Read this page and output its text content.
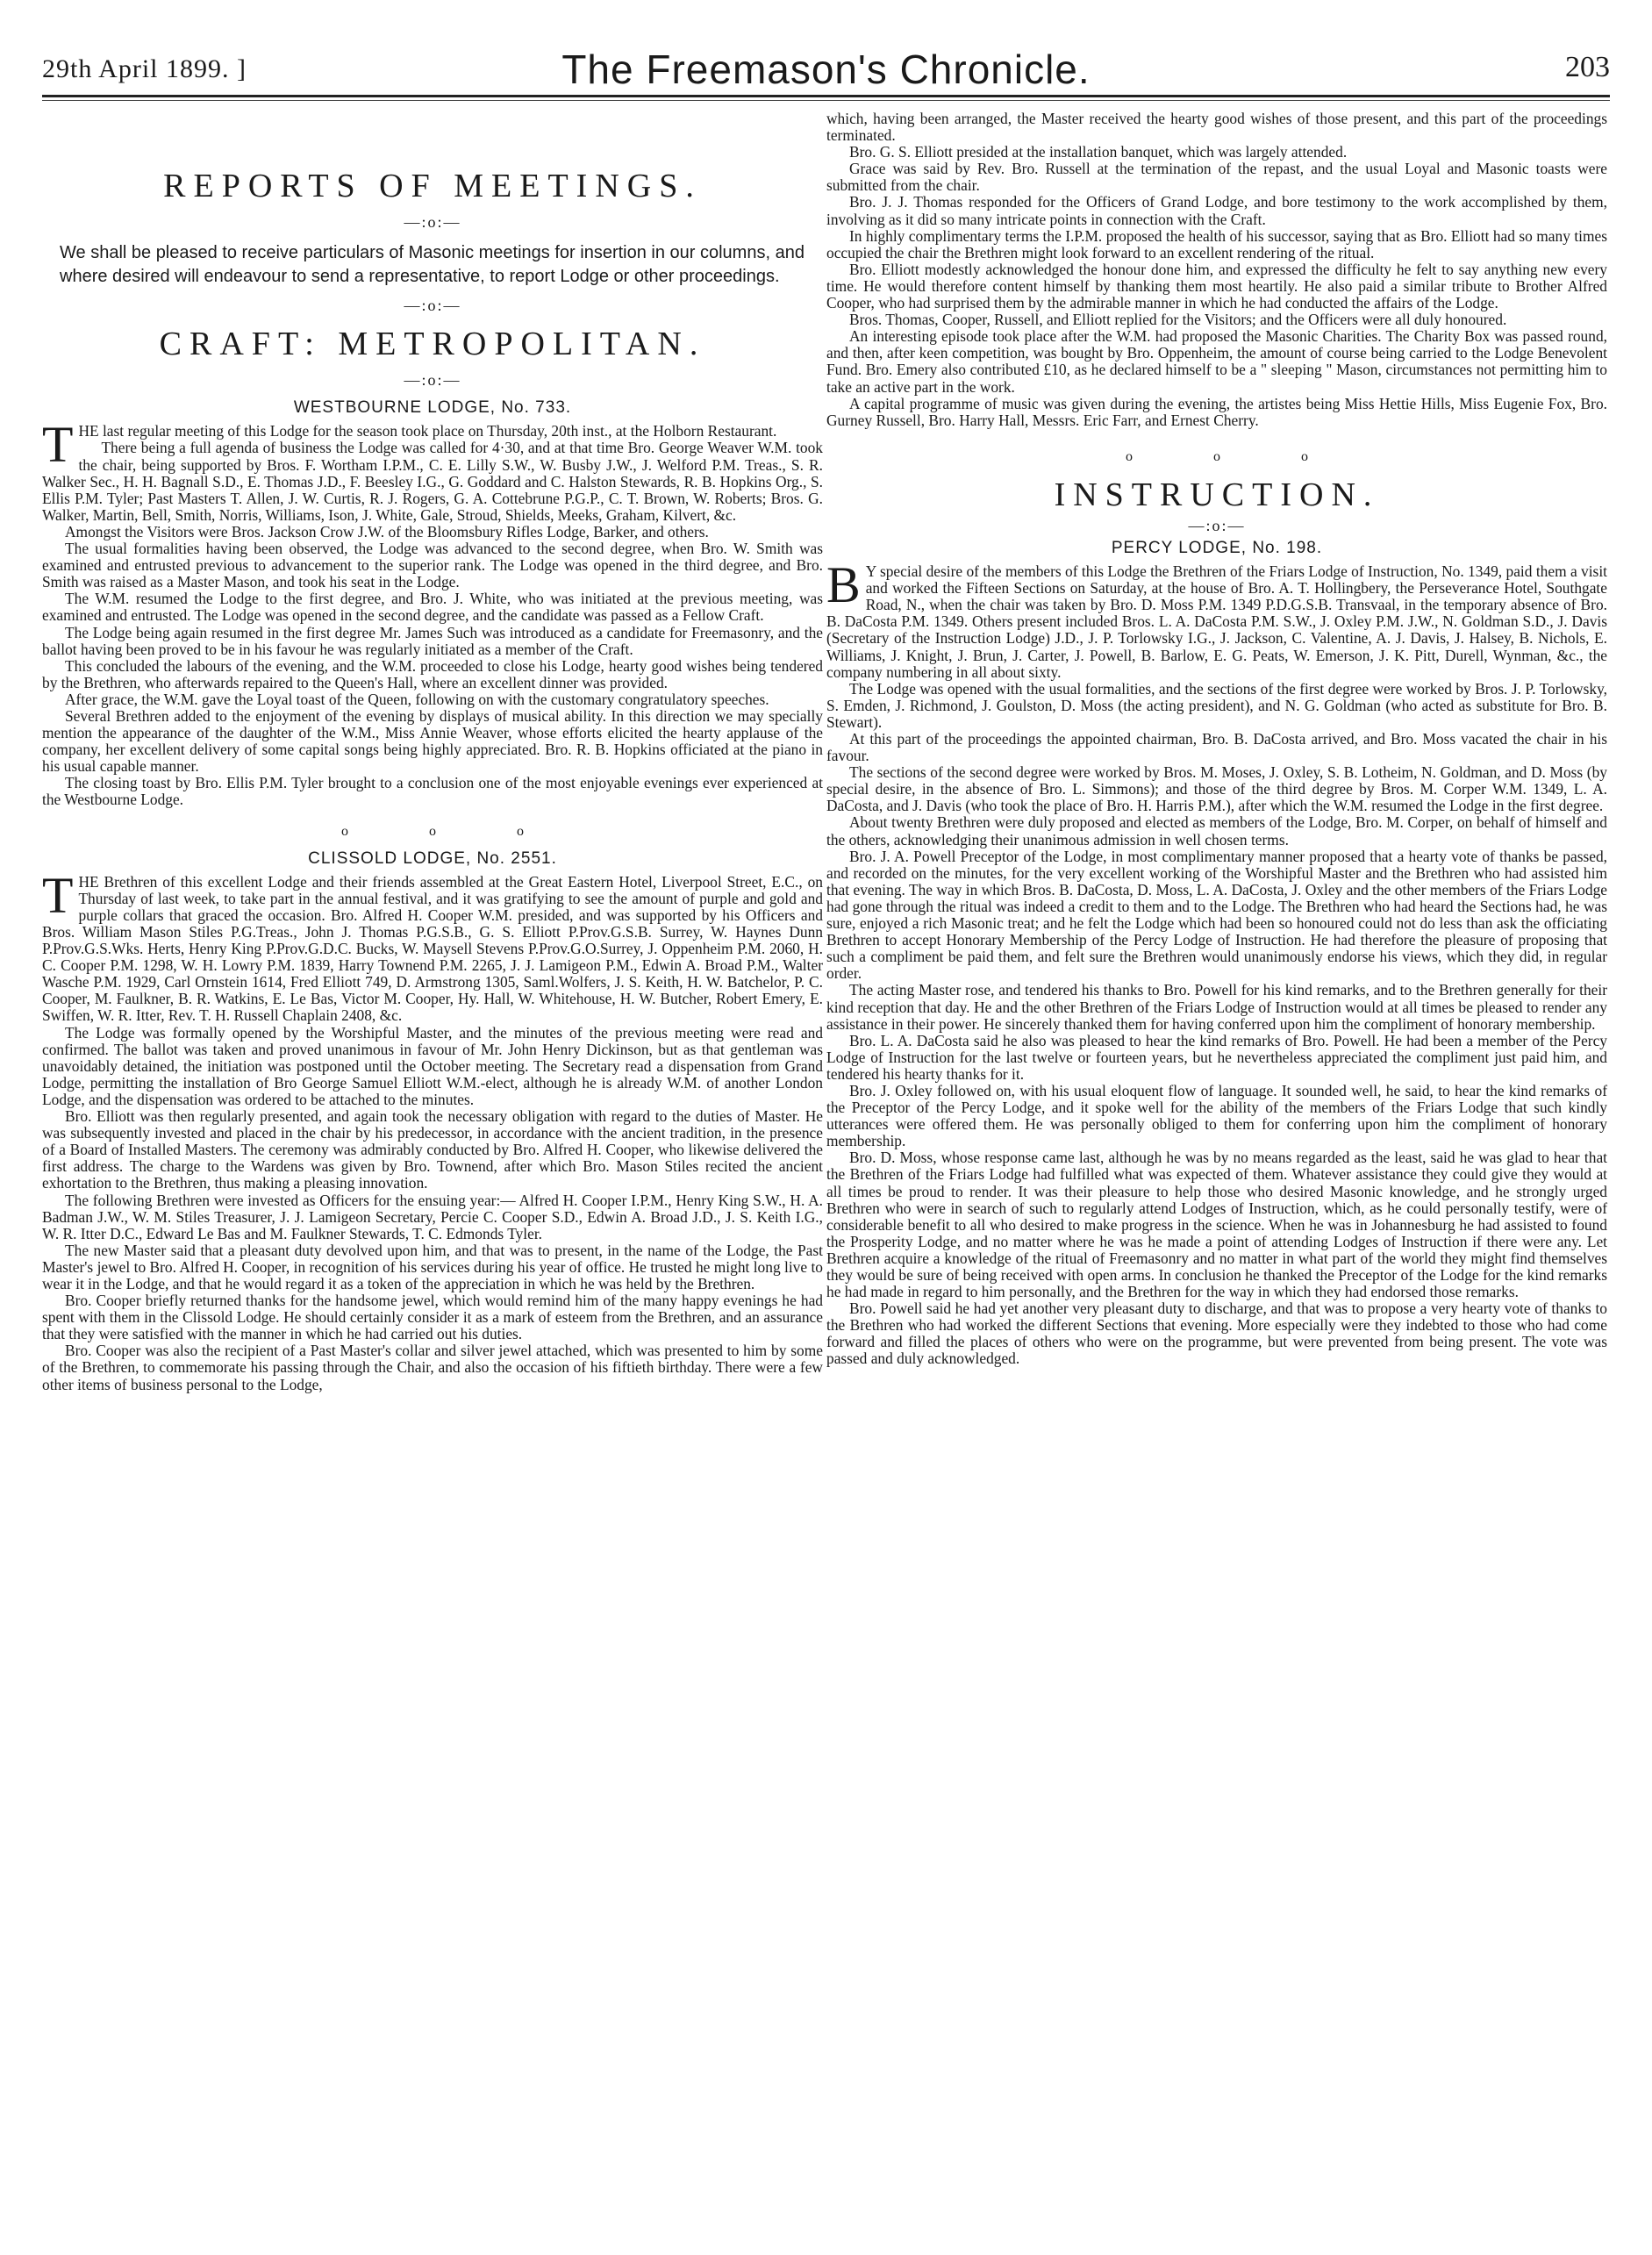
29th April 1899. ]	The Freemason's Chronicle.	203
REPORTS OF MEETINGS.
—:o:—
We shall be pleased to receive particulars of Masonic meetings for insertion in our columns, and where desired will endeavour to send a representative, to report Lodge or other proceedings.
—:o:—
CRAFT: METROPOLITAN.
—:o:—
WESTBOURNE LODGE, No. 733.

THE last regular meeting of this Lodge for the season took place on Thursday, 20th inst., at the Holborn Restaurant.

There being a full agenda of business the Lodge was called for 4·30, and at that time Bro. George Weaver W.M. took the chair, being supported by Bros. F. Wortham I.P.M., C. E. Lilly S.W., W. Busby J.W., J. Welford P.M. Treas., S. R. Walker Sec., H. H. Bagnall S.D., E. Thomas J.D., F. Beesley I.G., G. Goddard and C. Halston Stewards, R. B. Hopkins Org., S. Ellis P.M. Tyler; Past Masters T. Allen, J. W. Curtis, R. J. Rogers, G. A. Cottebrune P.G.P., C. T. Brown, W. Roberts; Bros. G. Walker, Martin, Bell, Smith, Norris, Williams, Ison, J. White, Gale, Stroud, Shields, Meeks, Graham, Kilvert, &c.

Amongst the Visitors were Bros. Jackson Crow J.W. of the Bloomsbury Rifles Lodge, Barker, and others.

The usual formalities having been observed, the Lodge was advanced to the second degree, when Bro. W. Smith was examined and entrusted previous to advancement to the superior rank. The Lodge was opened in the third degree, and Bro. Smith was raised as a Master Mason, and took his seat in the Lodge.

The W.M. resumed the Lodge to the first degree, and Bro. J. White, who was initiated at the previous meeting, was examined and entrusted. The Lodge was opened in the second degree, and the candidate was passed as a Fellow Craft.

The Lodge being again resumed in the first degree Mr. James Such was introduced as a candidate for Freemasonry, and the ballot having been proved to be in his favour he was regularly initiated as a member of the Craft.

This concluded the labours of the evening, and the W.M. proceeded to close his Lodge, hearty good wishes being tendered by the Brethren, who afterwards repaired to the Queen's Hall, where an excellent dinner was provided.

After grace, the W.M. gave the Loyal toast of the Queen, following on with the customary congratulatory speeches.

Several Brethren added to the enjoyment of the evening by displays of musical ability. In this direction we may specially mention the appearance of the daughter of the W.M., Miss Annie Weaver, whose efforts elicited the hearty applause of the company, her excellent delivery of some capital songs being highly appreciated. Bro. R. B. Hopkins officiated at the piano in his usual capable manner.

The closing toast by Bro. Ellis P.M. Tyler brought to a conclusion one of the most enjoyable evenings ever experienced at the Westbourne Lodge.

o o o
CLISSOLD LODGE, No. 2551.

THE Brethren of this excellent Lodge and their friends assembled at the Great Eastern Hotel, Liverpool Street, E.C., on Thursday of last week, to take part in the annual festival, and it was gratifying to see the amount of purple and gold and purple collars that graced the occasion. Bro. Alfred H. Cooper W.M. presided, and was supported by his Officers and Bros. William Mason Stiles P.G.Treas., John J. Thomas P.G.S.B., G. S. Elliott P.Prov.G.S.B. Surrey, W. Haynes Dunn P.Prov.G.S.Wks. Herts, Henry King P.Prov.G.D.C. Bucks, W. Maysell Stevens P.Prov.G.O.Surrey, J. Oppenheim P.M. 2060, H. C. Cooper P.M. 1298, W. H. Lowry P.M. 1839, Harry Townend P.M. 2265, J. J. Lamigeon P.M., Edwin A. Broad P.M., Walter Wasche P.M. 1929, Carl Ornstein 1614, Fred Elliott 749, D. Armstrong 1305, Saml.Wolfers, J. S. Keith, H. W. Batchelor, P. C. Cooper, M. Faulkner, B. R. Watkins, E. Le Bas, Victor M. Cooper, Hy. Hall, W. Whitehouse, H. W. Butcher, Robert Emery, E. Swiffen, W. R. Itter, Rev. T. H. Russell Chaplain 2408, &c.

The Lodge was formally opened by the Worshipful Master, and the minutes of the previous meeting were read and confirmed. The ballot was taken and proved unanimous in favour of Mr. John Henry Dickinson, but as that gentleman was unavoidably detained, the initiation was postponed until the October meeting. The Secretary read a dispensation from Grand Lodge, permitting the installation of Bro George Samuel Elliott W.M.-elect, although he is already W.M. of another London Lodge, and the dispensation was ordered to be attached to the minutes.

Bro. Elliott was then regularly presented, and again took the necessary obligation with regard to the duties of Master. He was subsequently invested and placed in the chair by his predecessor, in accordance with the ancient tradition, in the presence of a Board of Installed Masters. The ceremony was admirably conducted by Bro. Alfred H. Cooper, who likewise delivered the first address. The charge to the Wardens was given by Bro. Townend, after which Bro. Mason Stiles recited the ancient exhortation to the Brethren, thus making a pleasing innovation.

The following Brethren were invested as Officers for the ensuing year:— Alfred H. Cooper I.P.M., Henry King S.W., H. A. Badman J.W., W. M. Stiles Treasurer, J. J. Lamigeon Secretary, Percie C. Cooper S.D., Edwin A. Broad J.D., J. S. Keith I.G., W. R. Itter D.C., Edward Le Bas and M. Faulkner Stewards, T. C. Edmonds Tyler.

The new Master said that a pleasant duty devolved upon him, and that was to present, in the name of the Lodge, the Past Master's jewel to Bro. Alfred H. Cooper, in recognition of his services during his year of office. He trusted he might long live to wear it in the Lodge, and that he would regard it as a token of the appreciation in which he was held by the Brethren.

Bro. Cooper briefly returned thanks for the handsome jewel, which would remind him of the many happy evenings he had spent with them in the Clissold Lodge. He should certainly consider it as a mark of esteem from the Brethren, and an assurance that they were satisfied with the manner in which he had carried out his duties.

Bro. Cooper was also the recipient of a Past Master's collar and silver jewel attached, which was presented to him by some of the Brethren, to commemorate his passing through the Chair, and also the occasion of his fiftieth birthday. There were a few other items of business personal to the Lodge,

which, having been arranged, the Master received the hearty good wishes of those present, and this part of the proceedings terminated.

Bro. G. S. Elliott presided at the installation banquet, which was largely attended.

Grace was said by Rev. Bro. Russell at the termination of the repast, and the usual Loyal and Masonic toasts were submitted from the chair.

Bro. J. J. Thomas responded for the Officers of Grand Lodge, and bore testimony to the work accomplished by them, involving as it did so many intricate points in connection with the Craft.

In highly complimentary terms the I.P.M. proposed the health of his successor, saying that as Bro. Elliott had so many times occupied the chair the Brethren might look forward to an excellent rendering of the ritual.

Bro. Elliott modestly acknowledged the honour done him, and expressed the difficulty he felt to say anything new every time. He would therefore content himself by thanking them most heartily. He also paid a similar tribute to Brother Alfred Cooper, who had surprised them by the admirable manner in which he had conducted the affairs of the Lodge.

Bros. Thomas, Cooper, Russell, and Elliott replied for the Visitors; and the Officers were all duly honoured.

An interesting episode took place after the W.M. had proposed the Masonic Charities. The Charity Box was passed round, and then, after keen competition, was bought by Bro. Oppenheim, the amount of course being carried to the Lodge Benevolent Fund. Bro. Emery also contributed £10, as he declared himself to be a " sleeping " Mason, circumstances not permitting him to take an active part in the work.

A capital programme of music was given during the evening, the artistes being Miss Hettie Hills, Miss Eugenie Fox, Bro. Gurney Russell, Bro. Harry Hall, Messrs. Eric Farr, and Ernest Cherry.

o o o
INSTRUCTION.
—:o:—
PERCY LODGE, No. 198.

B Y special desire of the members of this Lodge the Brethren of the Friars Lodge of Instruction, No. 1349, paid them a visit and worked the Fifteen Sections on Saturday, at the house of Bro. A. T. Hollingbery, the Perseverance Hotel, Southgate Road, N., when the chair was taken by Bro. D. Moss P.M. 1349 P.D.G.S.B. Transvaal, in the temporary absence of Bro. B. DaCosta P.M. 1349. Others present included Bros. L. A. DaCosta P.M. S.W., J. Oxley P.M. J.W., N. Goldman S.D., J. Davis (Secretary of the Instruction Lodge) J.D., J. P. Torlowsky I.G., J. Jackson, C. Valentine, A. J. Davis, J. Halsey, B. Nichols, E. Williams, J. Knight, J. Brun, J. Carter, J. Powell, B. Barlow, E. G. Peats, W. Emerson, J. K. Pitt, Durell, Wynman, &c., the company numbering in all about sixty.

The Lodge was opened with the usual formalities, and the sections of the first degree were worked by Bros. J. P. Torlowsky, S. Emden, J. Richmond, J. Goulston, D. Moss (the acting president), and N. G. Goldman (who acted as substitute for Bro. B. Stewart).

At this part of the proceedings the appointed chairman, Bro. B. DaCosta arrived, and Bro. Moss vacated the chair in his favour.

The sections of the second degree were worked by Bros. M. Moses, J. Oxley, S. B. Lotheim, N. Goldman, and D. Moss (by special desire, in the absence of Bro. L. Simmons); and those of the third degree by Bros. M. Corper W.M. 1349, L. A. DaCosta, and J. Davis (who took the place of Bro. H. Harris P.M.), after which the W.M. resumed the Lodge in the first degree.

About twenty Brethren were duly proposed and elected as members of the Lodge, Bro. M. Corper, on behalf of himself and the others, acknowledging their unanimous admission in well chosen terms.

Bro. J. A. Powell Preceptor of the Lodge, in most complimentary manner proposed that a hearty vote of thanks be passed, and recorded on the minutes, for the very excellent working of the Worshipful Master and the Brethren who had assisted him that evening. The way in which Bros. B. DaCosta, D. Moss, L. A. DaCosta, J. Oxley and the other members of the Friars Lodge had gone through the ritual was indeed a credit to them and to the Lodge. The Brethren who had heard the Sections had, he was sure, enjoyed a rich Masonic treat; and he felt the Lodge which had been so honoured could not do less than ask the officiating Brethren to accept Honorary Membership of the Percy Lodge of Instruction. He had therefore the pleasure of proposing that such a compliment be paid them, and felt sure the Brethren would unanimously endorse his views, which they did, in regular order.

The acting Master rose, and tendered his thanks to Bro. Powell for his kind remarks, and to the Brethren generally for their kind reception that day. He and the other Brethren of the Friars Lodge of Instruction would at all times be pleased to render any assistance in their power. He sincerely thanked them for having conferred upon him the compliment of honorary membership.

Bro. L. A. DaCosta said he also was pleased to hear the kind remarks of Bro. Powell. He had been a member of the Percy Lodge of Instruction for the last twelve or fourteen years, but he nevertheless appreciated the compliment just paid him, and tendered his hearty thanks for it.

Bro. J. Oxley followed on, with his usual eloquent flow of language. It sounded well, he said, to hear the kind remarks of the Preceptor of the Percy Lodge, and it spoke well for the ability of the members of the Friars Lodge that such kindly utterances were offered them. He was personally obliged to them for conferring upon him the compliment of honorary membership.

Bro. D. Moss, whose response came last, although he was by no means regarded as the least, said he was glad to hear that the Brethren of the Friars Lodge had fulfilled what was expected of them. Whatever assistance they could give they would at all times be proud to render. It was their pleasure to help those who desired Masonic knowledge, and he strongly urged Brethren who were in search of such to regularly attend Lodges of Instruction, which, as he could personally testify, were of considerable benefit to all who desired to make progress in the science. When he was in Johannesburg he had assisted to found the Prosperity Lodge, and no matter where he was he made a point of attending Lodges of Instruction if there were any. Let Brethren acquire a knowledge of the ritual of Freemasonry and no matter in what part of the world they might find themselves they would be sure of being received with open arms. In conclusion he thanked the Preceptor of the Lodge for the kind remarks he had made in regard to him personally, and the Brethren for the way in which they had endorsed those remarks.

Bro. Powell said he had yet another very pleasant duty to discharge, and that was to propose a very hearty vote of thanks to the Brethren who had worked the different Sections that evening. More especially were they indebted to those who had come forward and filled the places of others who were on the programme, but were prevented from being present. The vote was passed and duly acknowledged.
